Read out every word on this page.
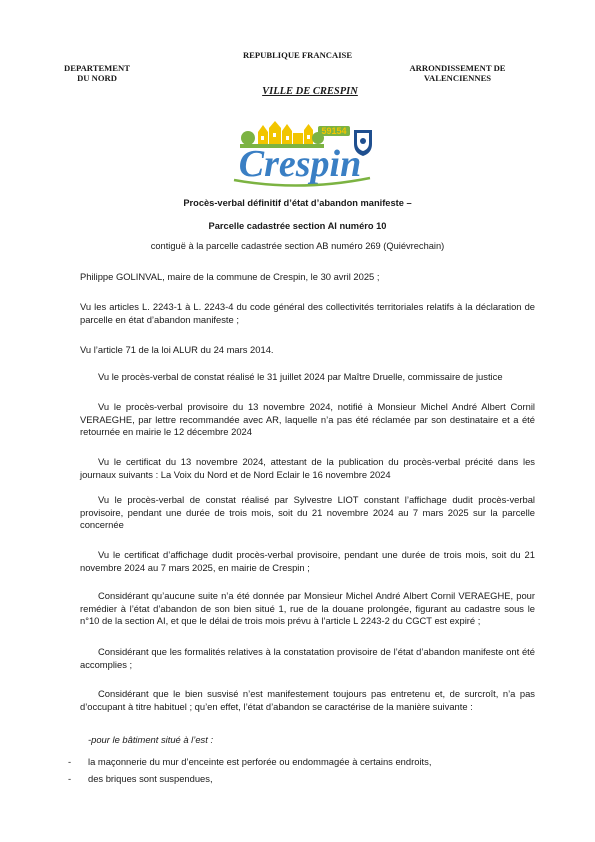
DEPARTEMENT
DU NORD
REPUBLIQUE FRANCAISE
VILLE DE CRESPIN
ARRONDISSEMENT DE
VALENCIENNES
59154
Crespin
Procès-verbal définitif d’état d’abandon manifeste –
Parcelle cadastrée section AI numéro 10
contiguë à la parcelle cadastrée section AB numéro 269 (Quiévrechain)
Philippe GOLINVAL, maire de la commune de Crespin, le 30 avril 2025 ;
Vu les articles L. 2243-1 à L. 2243-4 du code général des collectivités territoriales relatifs à la déclaration de parcelle en état d’abandon manifeste ;
Vu l’article 71 de la loi ALUR du 24 mars 2014.
Vu le procès-verbal de constat réalisé le 31 juillet 2024 par Maître Druelle, commissaire de justice
Vu le procès-verbal provisoire du 13 novembre 2024, notifié à Monsieur Michel André Albert Cornil VERAEGHE, par lettre recommandée avec AR, laquelle n’a pas été réclamée par son destinataire et a été retournée en mairie le 12 décembre 2024
Vu le certificat du 13 novembre 2024, attestant de la publication du procès-verbal précité dans les journaux suivants : La Voix du Nord et de Nord Eclair le 16 novembre 2024
Vu le procès-verbal de constat réalisé par Sylvestre LIOT constant l’affichage dudit procès-verbal provisoire, pendant une durée de trois mois, soit du 21 novembre 2024 au 7 mars 2025 sur la parcelle concernée
Vu le certificat d’affichage dudit procès-verbal provisoire, pendant une durée de trois mois, soit du 21 novembre 2024 au 7 mars 2025, en mairie de Crespin ;
Considérant qu’aucune suite n’a été donnée par Monsieur Michel André Albert Cornil VERAEGHE, pour remédier à l’état d’abandon de son bien situé 1, rue de la douane prolongée, figurant au cadastre sous le n°10 de la section AI, et que le délai de trois mois prévu à l’article L 2243-2 du CGCT est expiré ;
Considérant que les formalités relatives à la constatation provisoire de l’état d’abandon manifeste ont été accomplies ;
Considérant que le bien susvisé n’est manifestement toujours pas entretenu et, de surcroît, n’a pas d’occupant à titre habituel ; qu’en effet, l’état d’abandon se caractérise de la manière suivante :
-pour le bâtiment situé à l’est :
- la maçonnerie du mur d’enceinte est perforée ou endommagée à certains endroits,
- des briques sont suspendues,
